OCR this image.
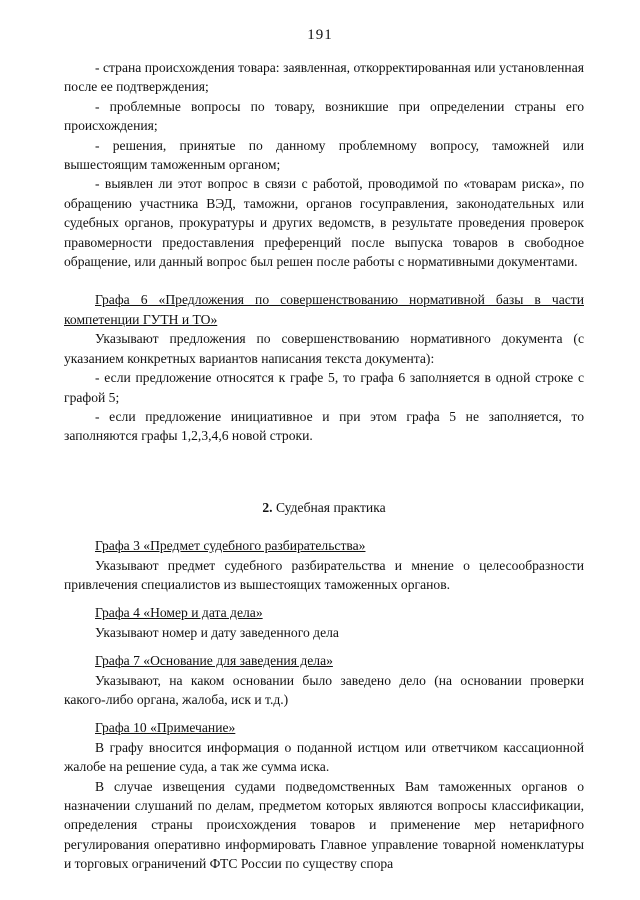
191

- страна происхождения товара: заявленная, откорректированная или установленная после ее подтверждения;

- проблемные вопросы по товару, возникшие при определении страны его происхождения;

- решения, принятые по данному проблемному вопросу, таможней или вышестоящим таможенным органом;

- выявлен ли этот вопрос в связи с работой, проводимой по «товарам риска», по обращению участника ВЭД, таможни, органов госуправления, законодательных или судебных органов, прокуратуры и других ведомств, в результате проведения проверок правомерности предоставления преференций после выпуска товаров в свободное обращение, или данный вопрос был решен после работы с нормативными документами.

Графа 6 «Предложения по совершенствованию нормативной базы в части компетенции ГУТН и ТО»

Указывают предложения по совершенствованию нормативного документа (с указанием конкретных вариантов написания текста документа):

- если предложение относятся к графе 5, то графа 6 заполняется в одной строке с графой 5;

- если предложение инициативное и при этом графа 5 не заполняется, то заполняются графы 1,2,3,4,6 новой строки.

2. Судебная практика

Графа 3 «Предмет судебного разбирательства»

Указывают предмет судебного разбирательства и мнение о целесообразности привлечения специалистов из вышестоящих таможенных органов.

Графа 4 «Номер и дата дела»

Указывают номер и дату заведенного дела

Графа 7 «Основание для заведения дела»

Указывают, на каком основании было заведено дело (на основании проверки какого-либо органа, жалоба, иск и т.д.)

Графа 10 «Примечание»

В графу вносится информация о поданной истцом или ответчиком кассационной жалобе на решение суда, а так же сумма иска.

В случае извещения судами подведомственных Вам таможенных органов о назначении слушаний по делам, предметом которых являются вопросы классификации, определения страны происхождения товаров и применение мер нетарифного регулирования оперативно информировать Главное управление товарной номенклатуры и торговых ограничений ФТС России по существу спора
